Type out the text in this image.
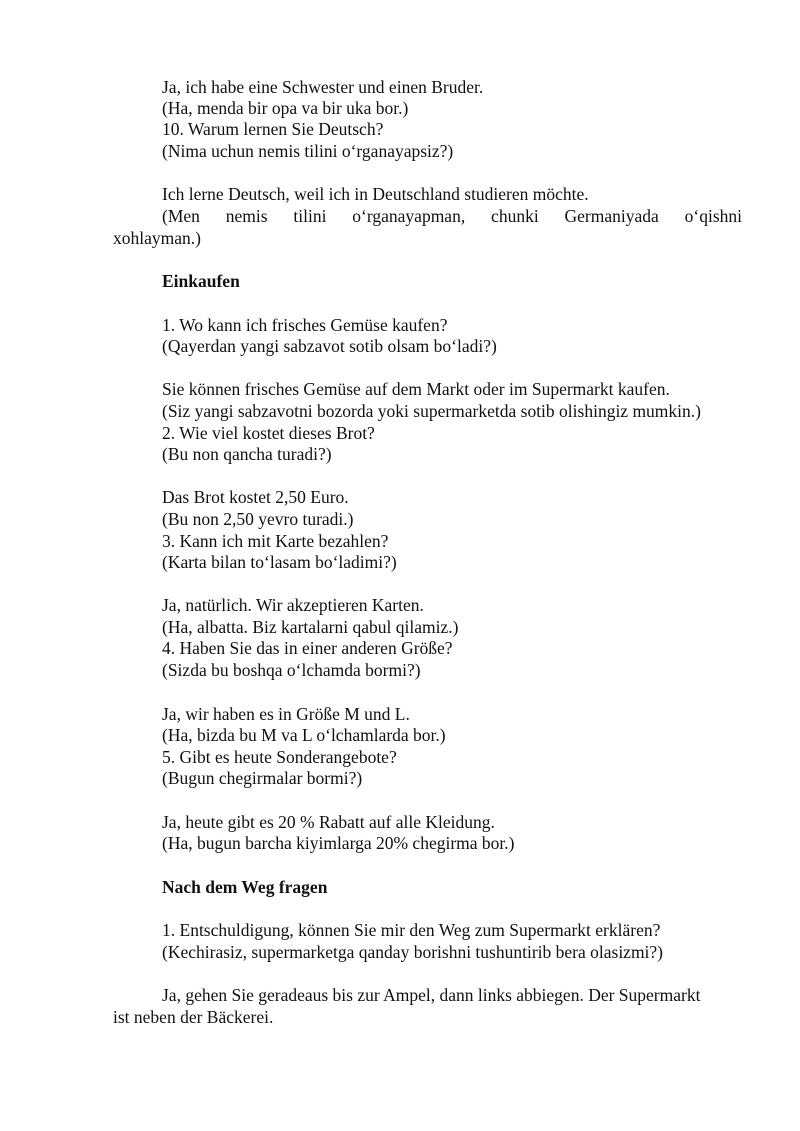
Ja, ich habe eine Schwester und einen Bruder.
(Ha, menda bir opa va bir uka bor.)
10. Warum lernen Sie Deutsch?
(Nima uchun nemis tilini o‘rganayapsiz?)
Ich lerne Deutsch, weil ich in Deutschland studieren möchte.
(Men nemis tilini o‘rganayapman, chunki Germaniyada o‘qishni
xohlayman.)
Einkaufen
1. Wo kann ich frisches Gemüse kaufen?
(Qayerdan yangi sabzavot sotib olsam bo‘ladi?)
Sie können frisches Gemüse auf dem Markt oder im Supermarkt kaufen.
(Siz yangi sabzavotni bozorda yoki supermarketda sotib olishingiz mumkin.)
2. Wie viel kostet dieses Brot?
(Bu non qancha turadi?)
Das Brot kostet 2,50 Euro.
(Bu non 2,50 yevro turadi.)
3. Kann ich mit Karte bezahlen?
(Karta bilan to‘lasam bo‘ladimi?)
Ja, natürlich. Wir akzeptieren Karten.
(Ha, albatta. Biz kartalarni qabul qilamiz.)
4. Haben Sie das in einer anderen Größe?
(Sizda bu boshqa o‘lchamda bormi?)
Ja, wir haben es in Größe M und L.
(Ha, bizda bu M va L o‘lchamlarda bor.)
5. Gibt es heute Sonderangebote?
(Bugun chegirmalar bormi?)
Ja, heute gibt es 20 % Rabatt auf alle Kleidung.
(Ha, bugun barcha kiyimlarga 20% chegirma bor.)
Nach dem Weg fragen
1. Entschuldigung, können Sie mir den Weg zum Supermarkt erklären?
(Kechirasiz, supermarketga qanday borishni tushuntirib bera olasizmi?)
Ja, gehen Sie geradeaus bis zur Ampel, dann links abbiegen. Der Supermarkt
ist neben der Bäckerei.
